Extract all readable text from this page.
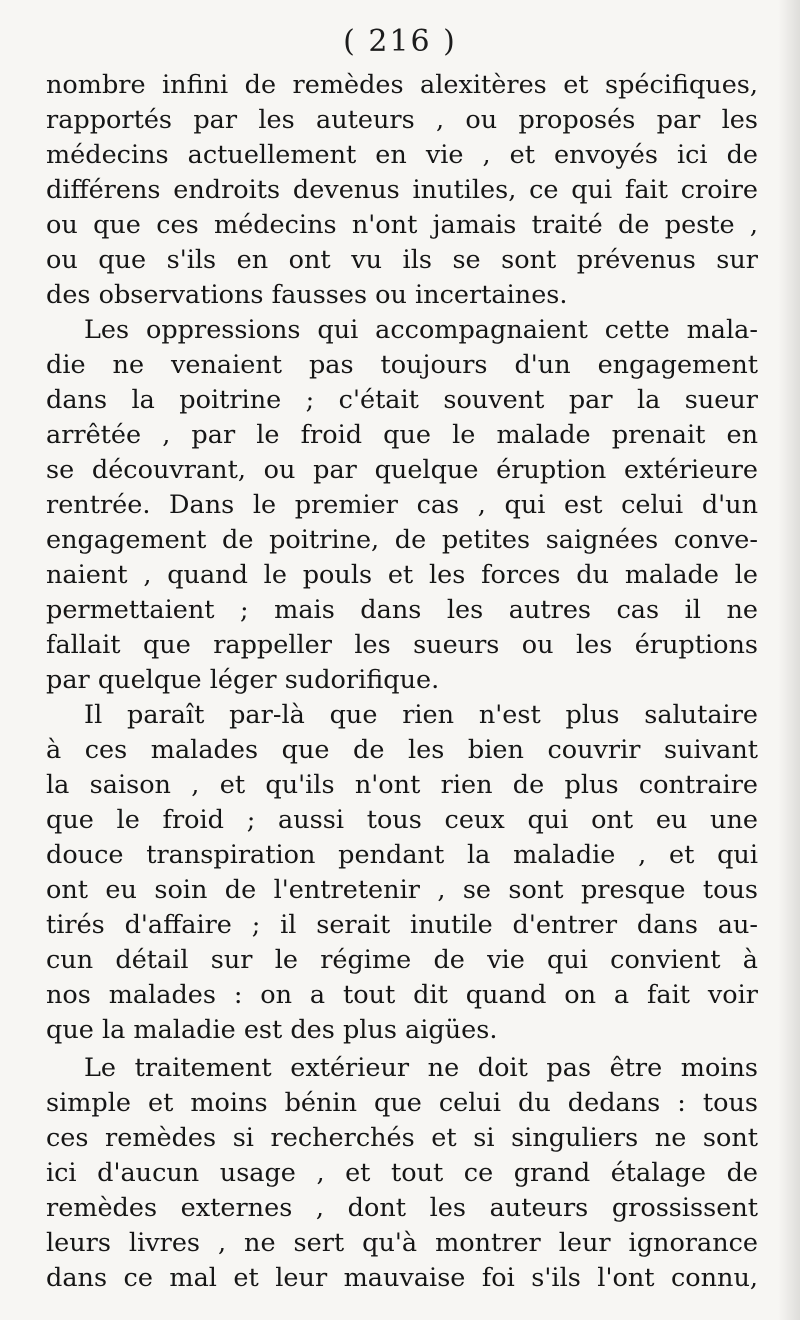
( 216 )
nombre infini de remèdes alexitères et spécifiques,
rapportés par les auteurs , ou proposés par les
médecins actuellement en vie , et envoyés ici de
différens endroits devenus inutiles, ce qui fait croire
ou que ces médecins n'ont jamais traité de peste ,
ou que s'ils en ont vu ils se sont prévenus sur
des observations fausses ou incertaines.
Les oppressions qui accompagnaient cette mala-
die ne venaient pas toujours d'un engagement
dans la poitrine ; c'était souvent par la sueur
arrêtée , par le froid que le malade prenait en
se découvrant, ou par quelque éruption extérieure
rentrée. Dans le premier cas , qui est celui d'un
engagement de poitrine, de petites saignées conve-
naient , quand le pouls et les forces du malade le
permettaient ; mais dans les autres cas il ne
fallait que rappeller les sueurs ou les éruptions
par quelque léger sudorifique.
Il paraît par-là que rien n'est plus salutaire
à ces malades que de les bien couvrir suivant
la saison , et qu'ils n'ont rien de plus contraire
que le froid ; aussi tous ceux qui ont eu une
douce transpiration pendant la maladie , et qui
ont eu soin de l'entretenir , se sont presque tous
tirés d'affaire ; il serait inutile d'entrer dans au-
cun détail sur le régime de vie qui convient à
nos malades : on a tout dit quand on a fait voir
que la maladie est des plus aigües.
Le traitement extérieur ne doit pas être moins
simple et moins bénin que celui du dedans : tous
ces remèdes si recherchés et si singuliers ne sont
ici d'aucun usage , et tout ce grand étalage de
remèdes externes , dont les auteurs grossissent
leurs livres , ne sert qu'à montrer leur ignorance
dans ce mal et leur mauvaise foi s'ils l'ont connu,
